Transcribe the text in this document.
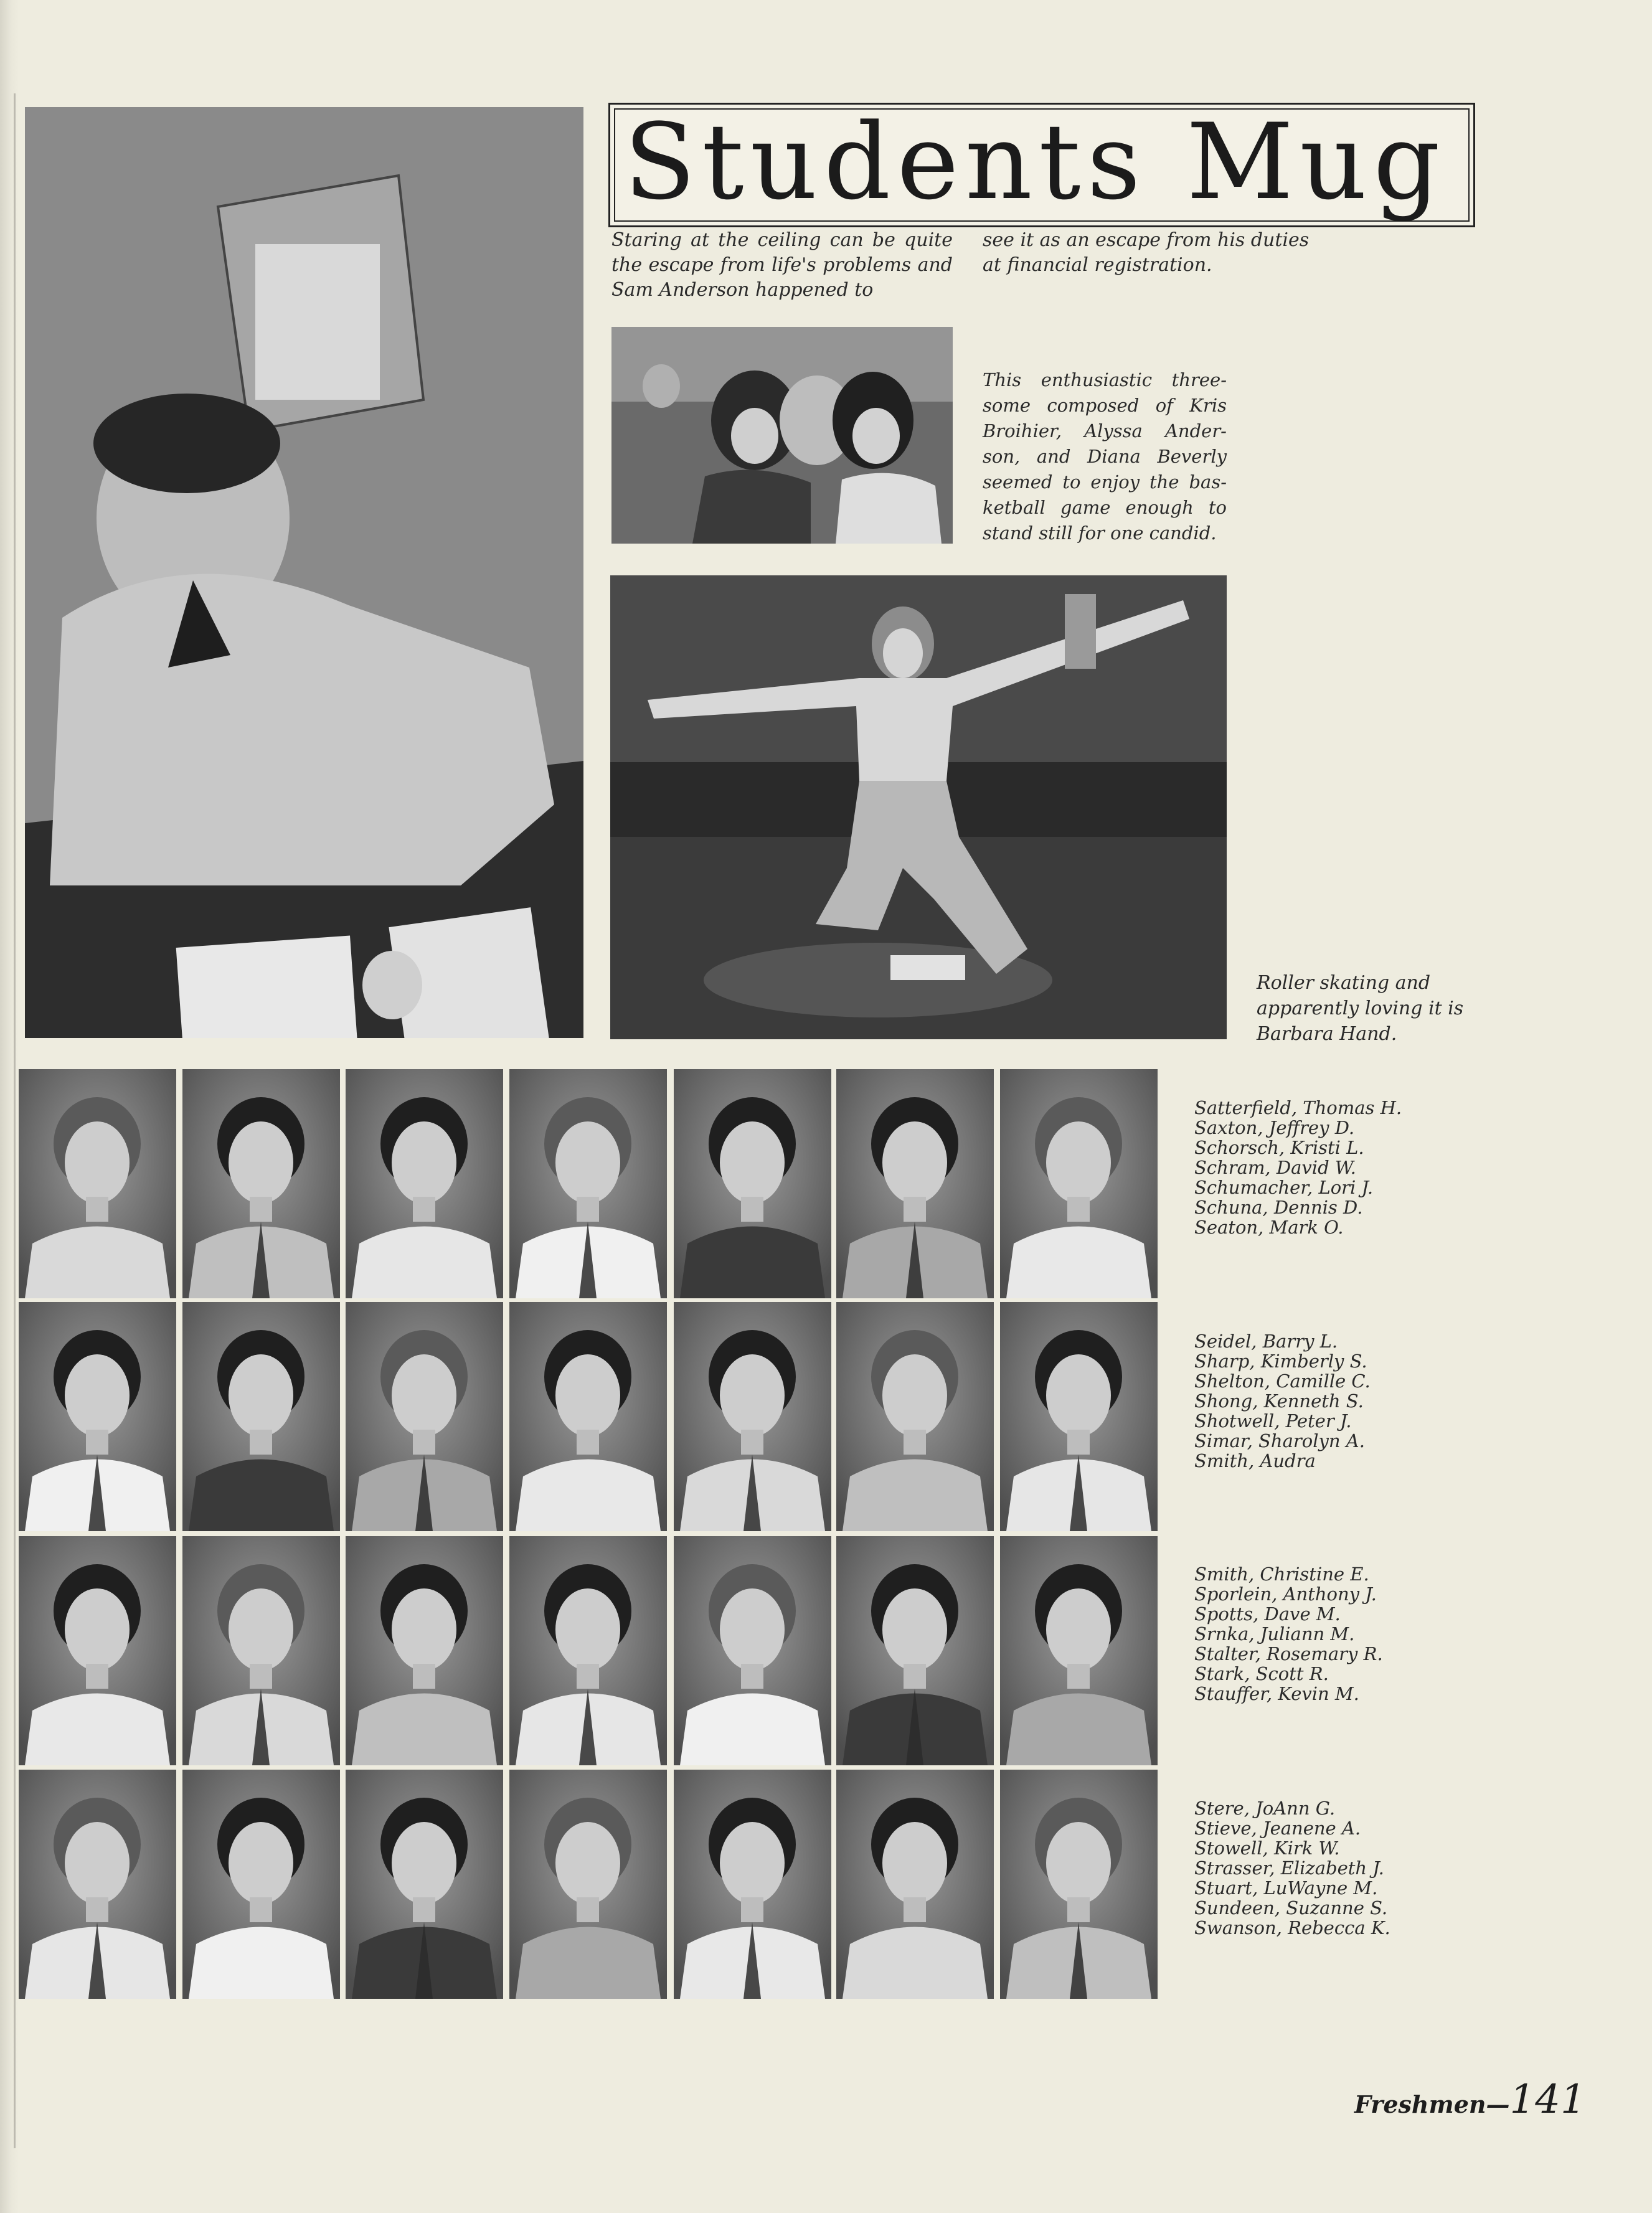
Students Mug
Staring at the ceiling can be quite the escape from life's problems and Sam Anderson happened to
see it as an escape from his duties at financial registration.
This enthusiastic three-some composed of Kris Broihier, Alyssa Ander-son, and Diana Beverly seemed to enjoy the bas-ketball game enough to stand still for one candid.
Roller skating and apparently loving it is Barbara Hand.
Satterfield, Thomas H.
Saxton, Jeffrey D.
Schorsch, Kristi L.
Schram, David W.
Schumacher, Lori J.
Schuna, Dennis D.
Seaton, Mark O.
Seidel, Barry L.
Sharp, Kimberly S.
Shelton, Camille C.
Shong, Kenneth S.
Shotwell, Peter J.
Simar, Sharolyn A.
Smith, Audra
Smith, Christine E.
Sporlein, Anthony J.
Spotts, Dave M.
Srnka, Juliann M.
Stalter, Rosemary R.
Stark, Scott R.
Stauffer, Kevin M.
Stere, JoAnn G.
Stieve, Jeanene A.
Stowell, Kirk W.
Strasser, Elizabeth J.
Stuart, LuWayne M.
Sundeen, Suzanne S.
Swanson, Rebecca K.
Freshmen—141
